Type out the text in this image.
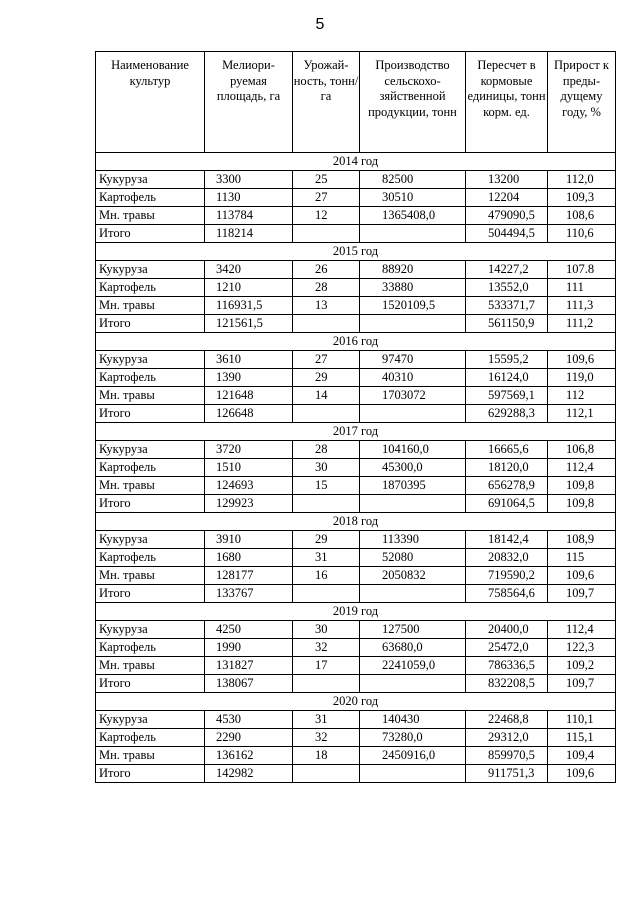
5
Наименование культур	Мелиори-руемая площадь, га	Урожай-ность, тонн/га	Производство сельскохо-зяйственной продукции, тонн	Пересчет в кормовые единицы, тонн корм. ед.	Прирост к преды-дущему году, %
2014 год					
Кукуруза	3300	25	82500	13200	112,0
Картофель	1130	27	30510	12204	109,3
Мн. травы	113784	12	1365408,0	479090,5	108,6
Итого	118214			504494,5	110,6
2015 год					
Кукуруза	3420	26	88920	14227,2	107.8
Картофель	1210	28	33880	13552,0	111
Мн. травы	116931,5	13	1520109,5	533371,7	111,3
Итого	121561,5			561150,9	111,2
2016 год					
Кукуруза	3610	27	97470	15595,2	109,6
Картофель	1390	29	40310	16124,0	119,0
Мн. травы	121648	14	1703072	597569,1	112
Итого	126648			629288,3	112,1
2017 год					
Кукуруза	3720	28	104160,0	16665,6	106,8
Картофель	1510	30	45300,0	18120,0	112,4
Мн. травы	124693	15	1870395	656278,9	109,8
Итого	129923			691064,5	109,8
2018 год					
Кукуруза	3910	29	113390	18142,4	108,9
Картофель	1680	31	52080	20832,0	115
Мн. травы	128177	16	2050832	719590,2	109,6
Итого	133767			758564,6	109,7
2019 год					
Кукуруза	4250	30	127500	20400,0	112,4
Картофель	1990	32	63680,0	25472,0	122,3
Мн. травы	131827	17	2241059,0	786336,5	109,2
Итого	138067			832208,5	109,7
2020 год					
Кукуруза	4530	31	140430	22468,8	110,1
Картофель	2290	32	73280,0	29312,0	115,1
Мн. травы	136162	18	2450916,0	859970,5	109,4
Итого	142982			911751,3	109,6
